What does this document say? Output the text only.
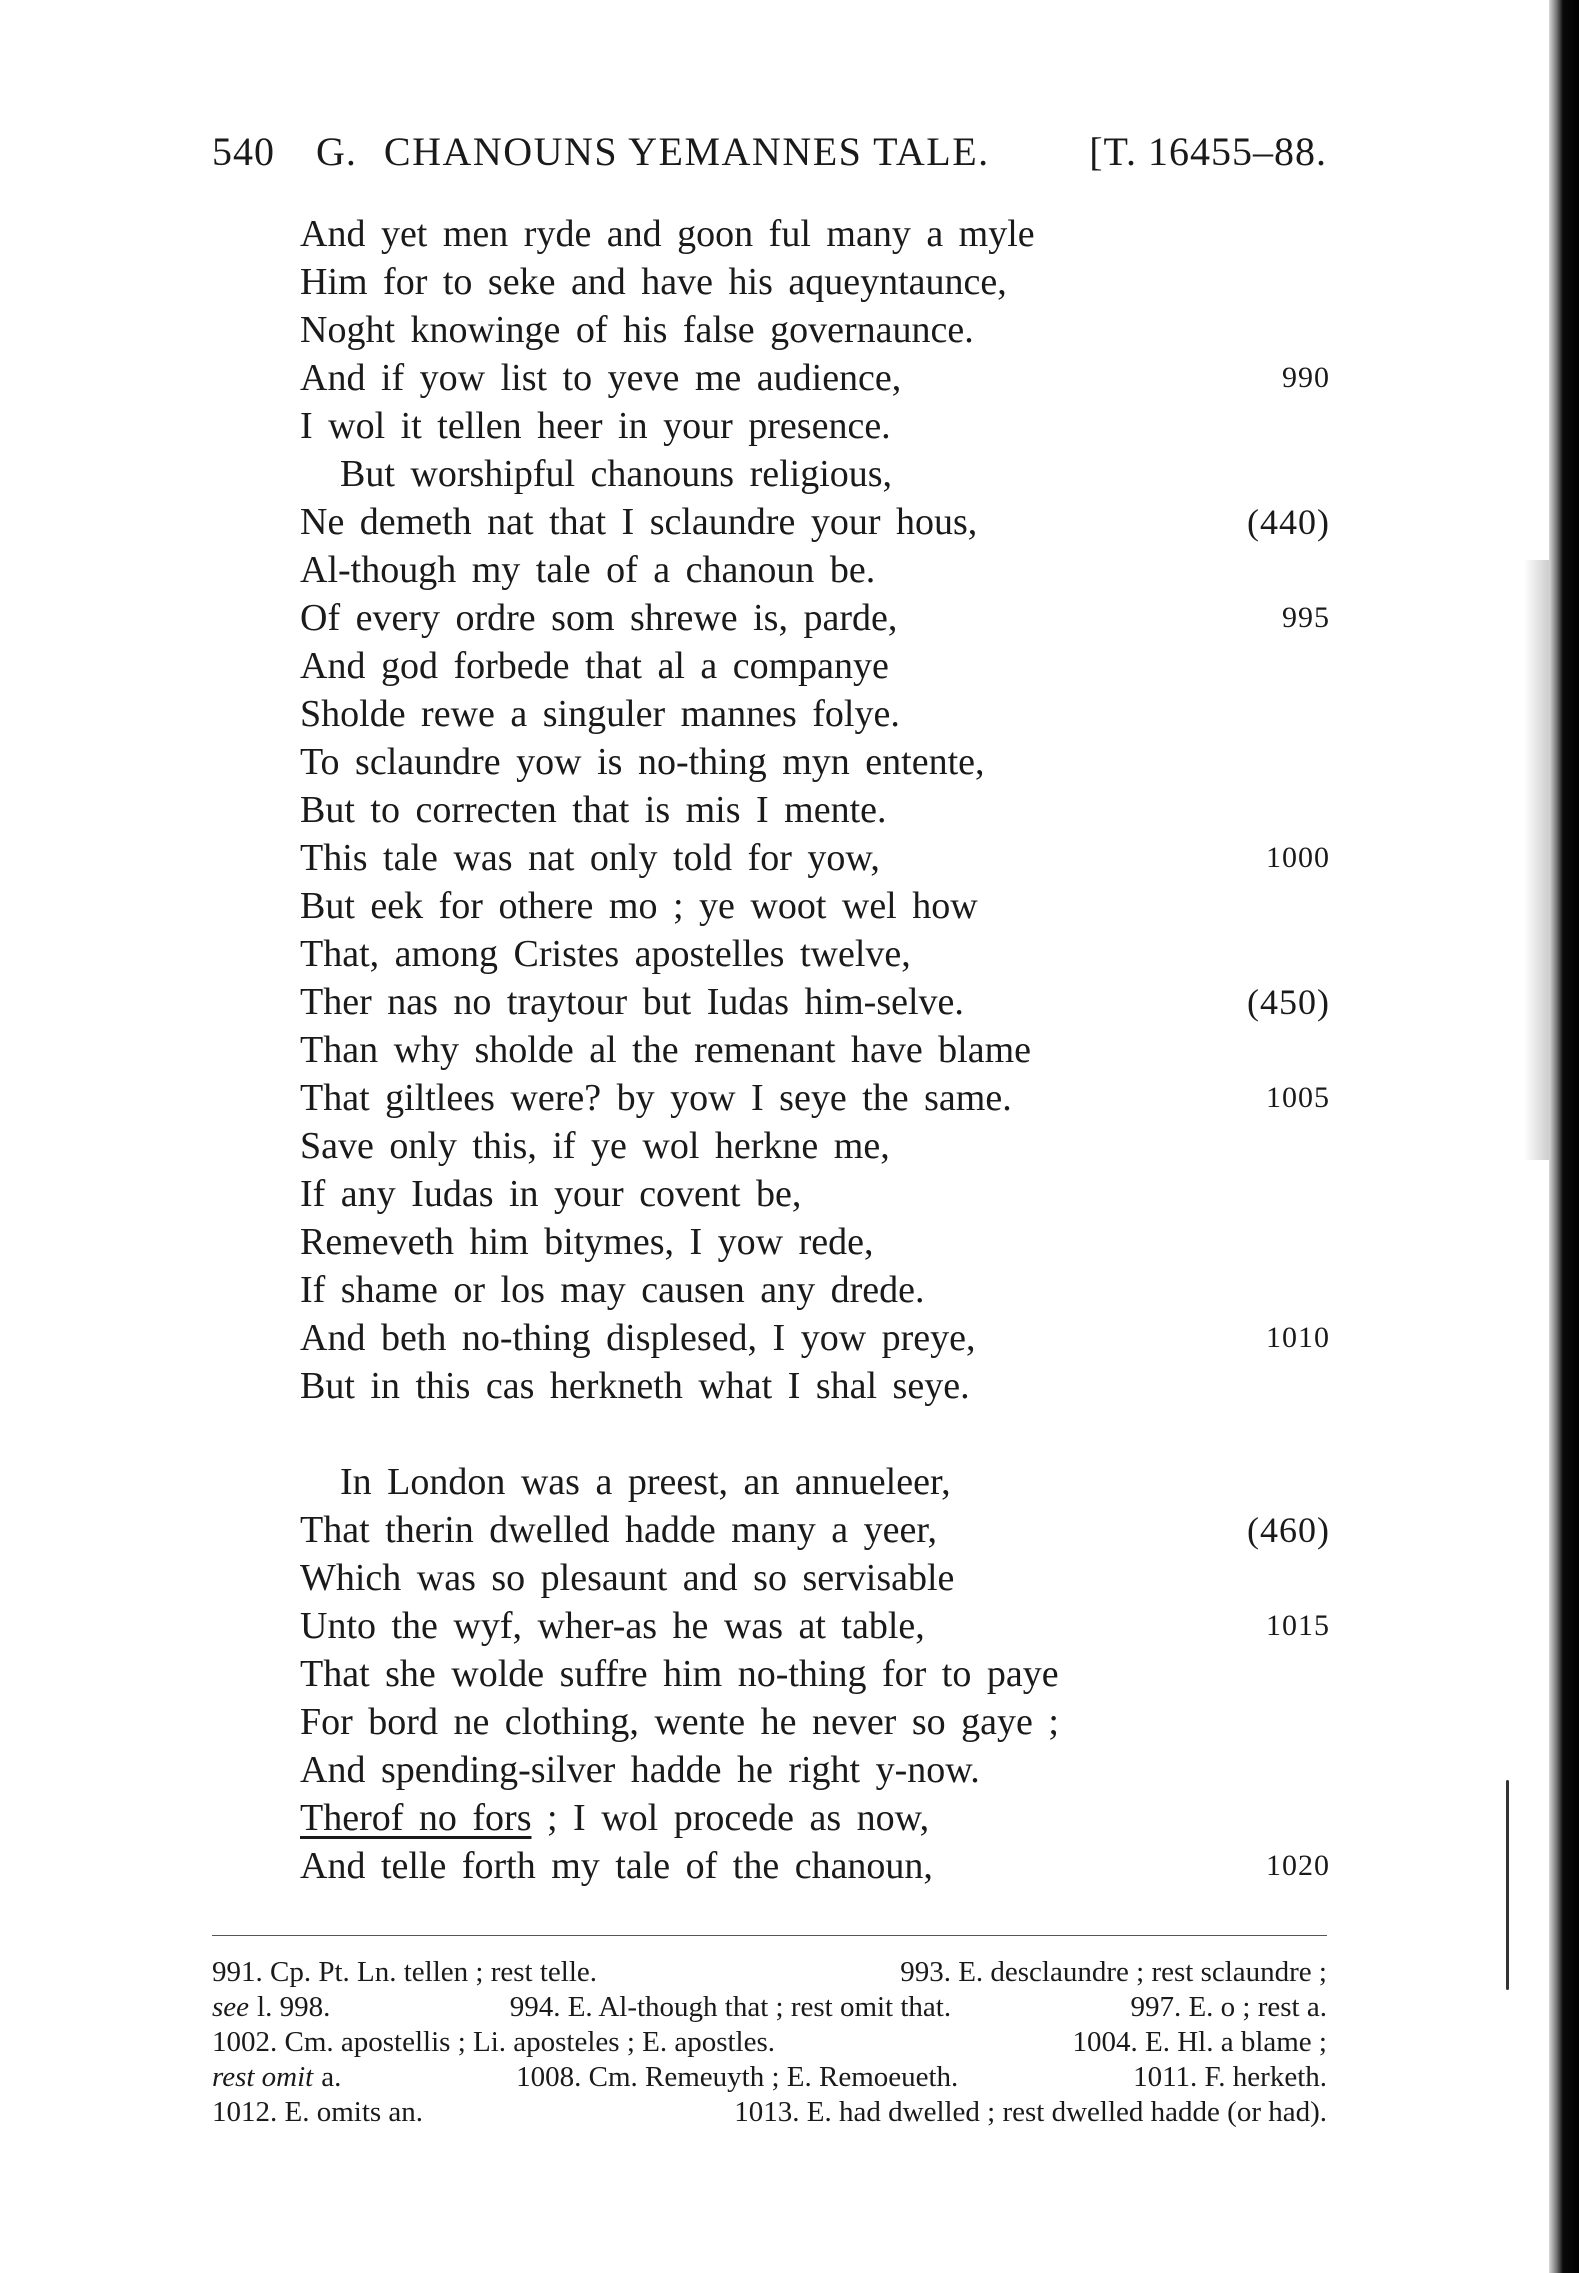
540 G. CHANOUNS YEMANNES TALE. [T. 16455–88.
And yet men ryde and goon ful many a myle
Him for to seke and have his aqueyntaunce,
Noght knowinge of his false governaunce.
And if yow list to yeve me audience,	990
I wol it tellen heer in your presence.
But worshipful chanouns religious,
Ne demeth nat that I sclaundre your hous,	(440)
Al-though my tale of a chanoun be.
Of every ordre som shrewe is, parde,	995
And god forbede that al a companye
Sholde rewe a singuler mannes folye.
To sclaundre yow is no-thing myn entente,
But to correcten that is mis I mente.
This tale was nat only told for yow,	1000
But eek for othere mo ; ye woot wel how
That, among Cristes apostelles twelve,
Ther nas no traytour but Iudas him-selve.	(450)
Than why sholde al the remenant have blame
That giltlees were? by yow I seye the same.	1005
Save only this, if ye wol herkne me,
If any Iudas in your covent be,
Remeveth him bitymes, I yow rede,
If shame or los may causen any drede.
And beth no-thing displesed, I yow preye,	1010
But in this cas herkneth what I shal seye.
In London was a preest, an annueleer,
That therin dwelled hadde many a yeer,	(460)
Which was so plesaunt and so servisable
Unto the wyf, wher-as he was at table,	1015
That she wolde suffre him no-thing for to paye
For bord ne clothing, wente he never so gaye ;
And spending-silver hadde he right y-now.
Therof no fors ; I wol procede as now,
And telle forth my tale of the chanoun,	1020
991. Cp. Pt. Ln. tellen ; rest telle.	993. E. desclaundre ; rest sclaundre ;
see l. 998.	994. E. Al-though that ; rest omit that.	997. E. o ; rest a.
1002. Cm. apostellis ; Li. aposteles ; E. apostles.	1004. E. Hl. a blame ;
rest omit a.	1008. Cm. Remeuyth ; E. Remoeueth.	1011. F. herketh.
1012. E. omits an.	1013. E. had dwelled ; rest dwelled hadde (or had).
